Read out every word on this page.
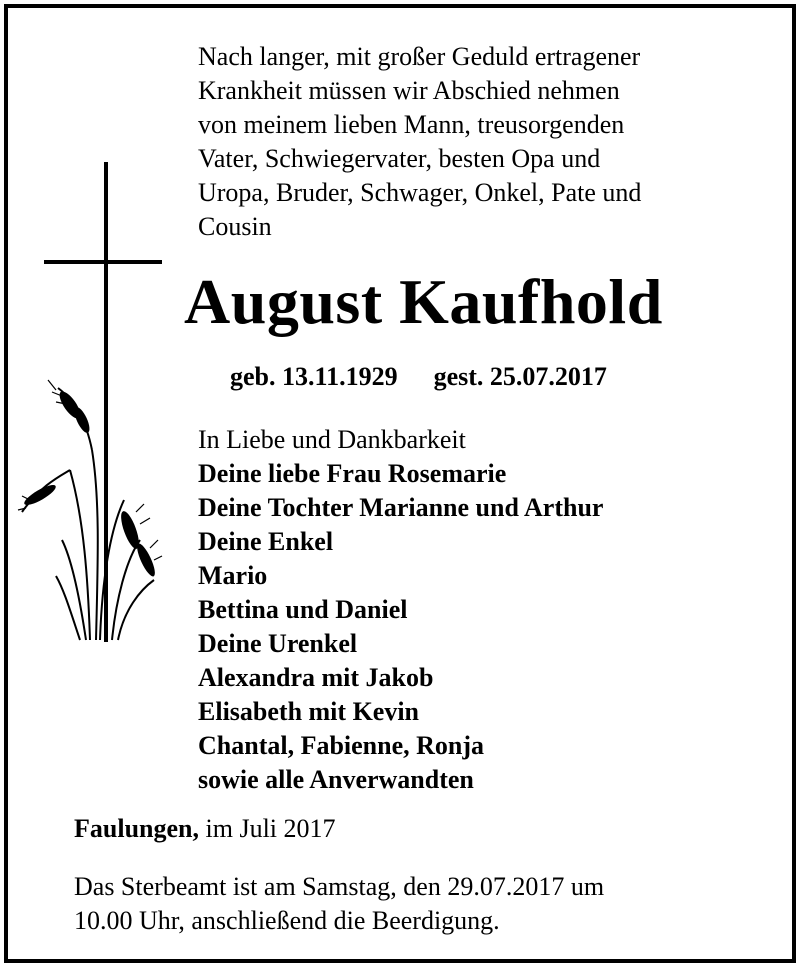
Nach langer, mit großer Geduld ertragener
Krankheit müssen wir Abschied nehmen
von meinem lieben Mann, treusorgenden
Vater, Schwiegervater, besten Opa und
Uropa, Bruder, Schwager, Onkel, Pate und
Cousin
August Kaufhold
geb. 13.11.1929 gest. 25.07.2017
In Liebe und Dankbarkeit
Deine liebe Frau Rosemarie
Deine Tochter Marianne und Arthur
Deine Enkel
Mario
Bettina und Daniel
Deine Urenkel
Alexandra mit Jakob
Elisabeth mit Kevin
Chantal, Fabienne, Ronja
sowie alle Anverwandten
Faulungen, im Juli 2017
Das Sterbeamt ist am Samstag, den 29.07.2017 um
10.00 Uhr, anschließend die Beerdigung.
